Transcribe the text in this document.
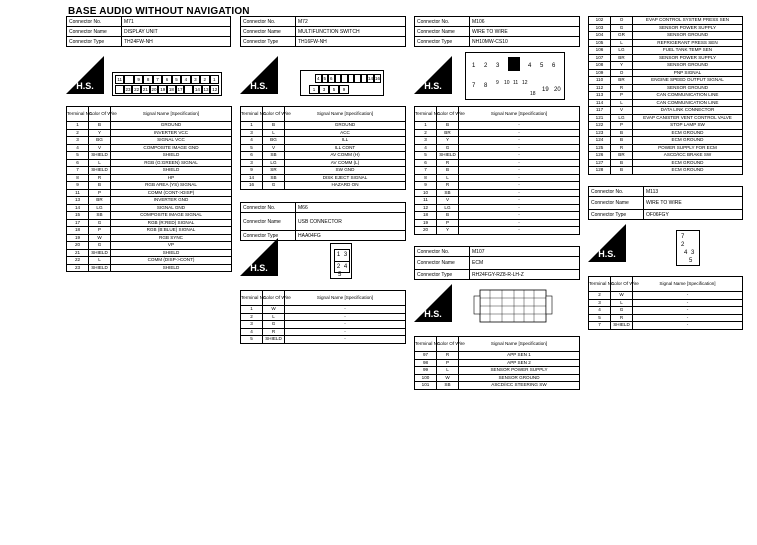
BASE AUDIO WITHOUT NAVIGATION
Connector No.	M71
Connector Name	DISPLAY UNIT
Connector Type	TH24FW-NH
H.S.
11	9	8	7	6	5	4	3	2	1
23 22 21 20 19 18 17	14 13 12
Terminal No.	Color Of Wire	Signal Name [Specification]
1	B	GROUND
2	Y	INVERTER VCC
3	BG	SIGNAL VCC
4	V	COMPOSITE IMAGE GND
5	SHIELD	SHIELD
6	L	RGB (G:GREEN) SIGNAL
7	SHIELD	SHIELD
8	R	HP
9	B	RGB AREA (YS) SIGNAL
11	P	COMM (CONT->DISP)
13	BR	INVERTER GND
14	LG	SIGNAL GND
15	SB	COMPOSITE IMAGE SIGNAL
17	G	RGB (R:RED) SIGNAL
18	P	RGB (B:BLUE) SIGNAL
19	W	RGB SYNC
20	G	VP
21	SHIELD	SHIELD
22	L	COMM (DISP->CONT)
23	SHIELD	SHIELD
Connector No.	M72
Connector Name	MULTIFUNCTION SWITCH
Connector Type	TH16FW-NH
H.S.
4 5 6	14 16
1	3	5	9
Terminal No.	Color Of Wire	Signal Name [Specification]
1	B	GROUND
3	L	ACC
4	BG	ILL
5	V	ILL CONT
6	SB	AV COMM (H)
3	LG	AV COMM (L)
9	SR	SW GND
14	SB	DISK EJECT SIGNAL
16	G	HAZARD ON
Connector No.	M66
Connector Name	USB CONNECTOR
Connector Type	HAA04FG
H.S.
1 3
2 4
5
Terminal No.	Color Of Wire	Signal Name [Specification]
1	W	-
2	L	-
3	G	-
4	R	-
5	SHIELD	-
Connector No.	M106
Connector Name	WIRE TO WIRE
Connector Type	NH10MW-CS10
H.S.
1 2 3	4 5 6
7 8 9 10 11 12
18
19 20
Terminal No.	Color Of Wire	Signal Name [Specification]
1	B	-
2	BR	-
3	Y	-
4	G	-
5	SHIELD	-
6	R	-
7	B	-
8	L	-
9	R	-
10	SB	-
11	V	-
12	LG	-
18	B	-
19	P	-
20	Y	-
Connector No.	M107
Connector Name	ECM
Connector Type	RH24FGY-RZ8-R-LH-Z
H.S.
Terminal No.	Color Of Wire	Signal Name [Specification]
97	R	APP SEN 1
98	P	APP SEN 2
99	L	SENSOR POWER SUPPLY
100	W	SENSOR GROUND
101	SB	ASCD/ICC STEERING SW
102	O	EVAP CONTROL SYSTEM PRESS SEN
103	G	SENSOR POWER SUPPLY
104	GR	SENSOR GROUND
105	L	REFRIGERANT PRESS SEN
106	LG	FUEL TANK TEMP SEN
107	BR	SENSOR POWER SUPPLY
108	Y	SENSOR GROUND
109	O	PNP SIGNAL
110	BR	ENGINE SPEED OUTPUT SIGNAL
112	R	SENSOR GROUND
113	P	CAN COMMUNICATION LINE
114	L	CAN COMMUNICATION LINE
117	V	DATA LINK CONNECTOR
121	LG	EVAP CANISTER VENT CONTROL VALVE
122	P	STOP LAMP SW
123	B	ECM GROUND
124	B	ECM GROUND
125	R	POWER SUPPLY FOR ECM
126	BR	ASCD/ICC BRAKE SW
127	B	ECM GROUND
128	B	ECM GROUND
Connector No.	M113
Connector Name	WIRE TO WIRE
Connector Type	OF06FGY
H.S.
7
2
4 3
5
Terminal No.	Color Of Wire	Signal Name [Specification]
2	W	-
3	L	-
4	G	-
5	R	-
7	SHIELD	-
